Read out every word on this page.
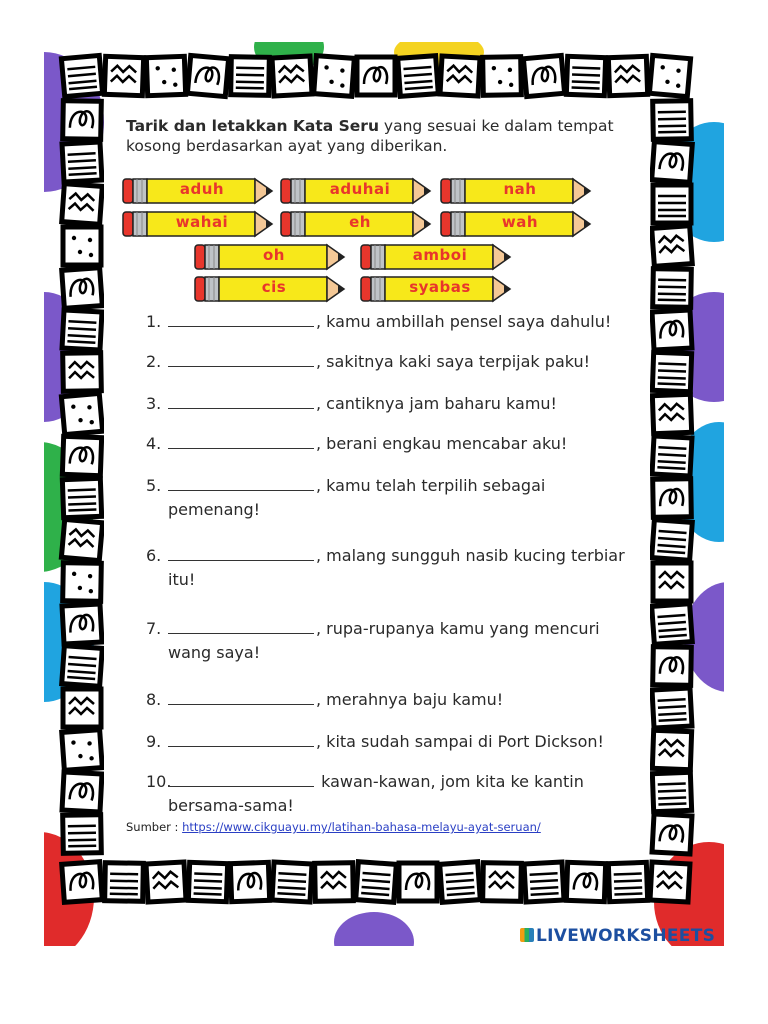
Tarik dan letakkan Kata Seru yang sesuai ke dalam tempat kosong berdasarkan ayat yang diberikan.
aduh	aduhai	nah
wahai	eh	wah
oh	amboi
cis	syabas
1.	, kamu ambillah pensel saya dahulu!
2.	, sakitnya kaki saya terpijak paku!
3.	, cantiknya jam baharu kamu!
4.	, berani engkau mencabar aku!
5.	, kamu telah terpilih sebagai
pemenang!
6.	, malang sungguh nasib kucing terbiar
itu!
7.	, rupa-rupanya kamu yang mencuri
wang saya!
8.	, merahnya baju kamu!
9.	, kita sudah sampai di Port Dickson!
10.	kawan-kawan, jom kita ke kantin
bersama-sama!
Sumber : https://www.cikguayu.my/latihan-bahasa-melayu-ayat-seruan/
LIVEWORKSHEETS
